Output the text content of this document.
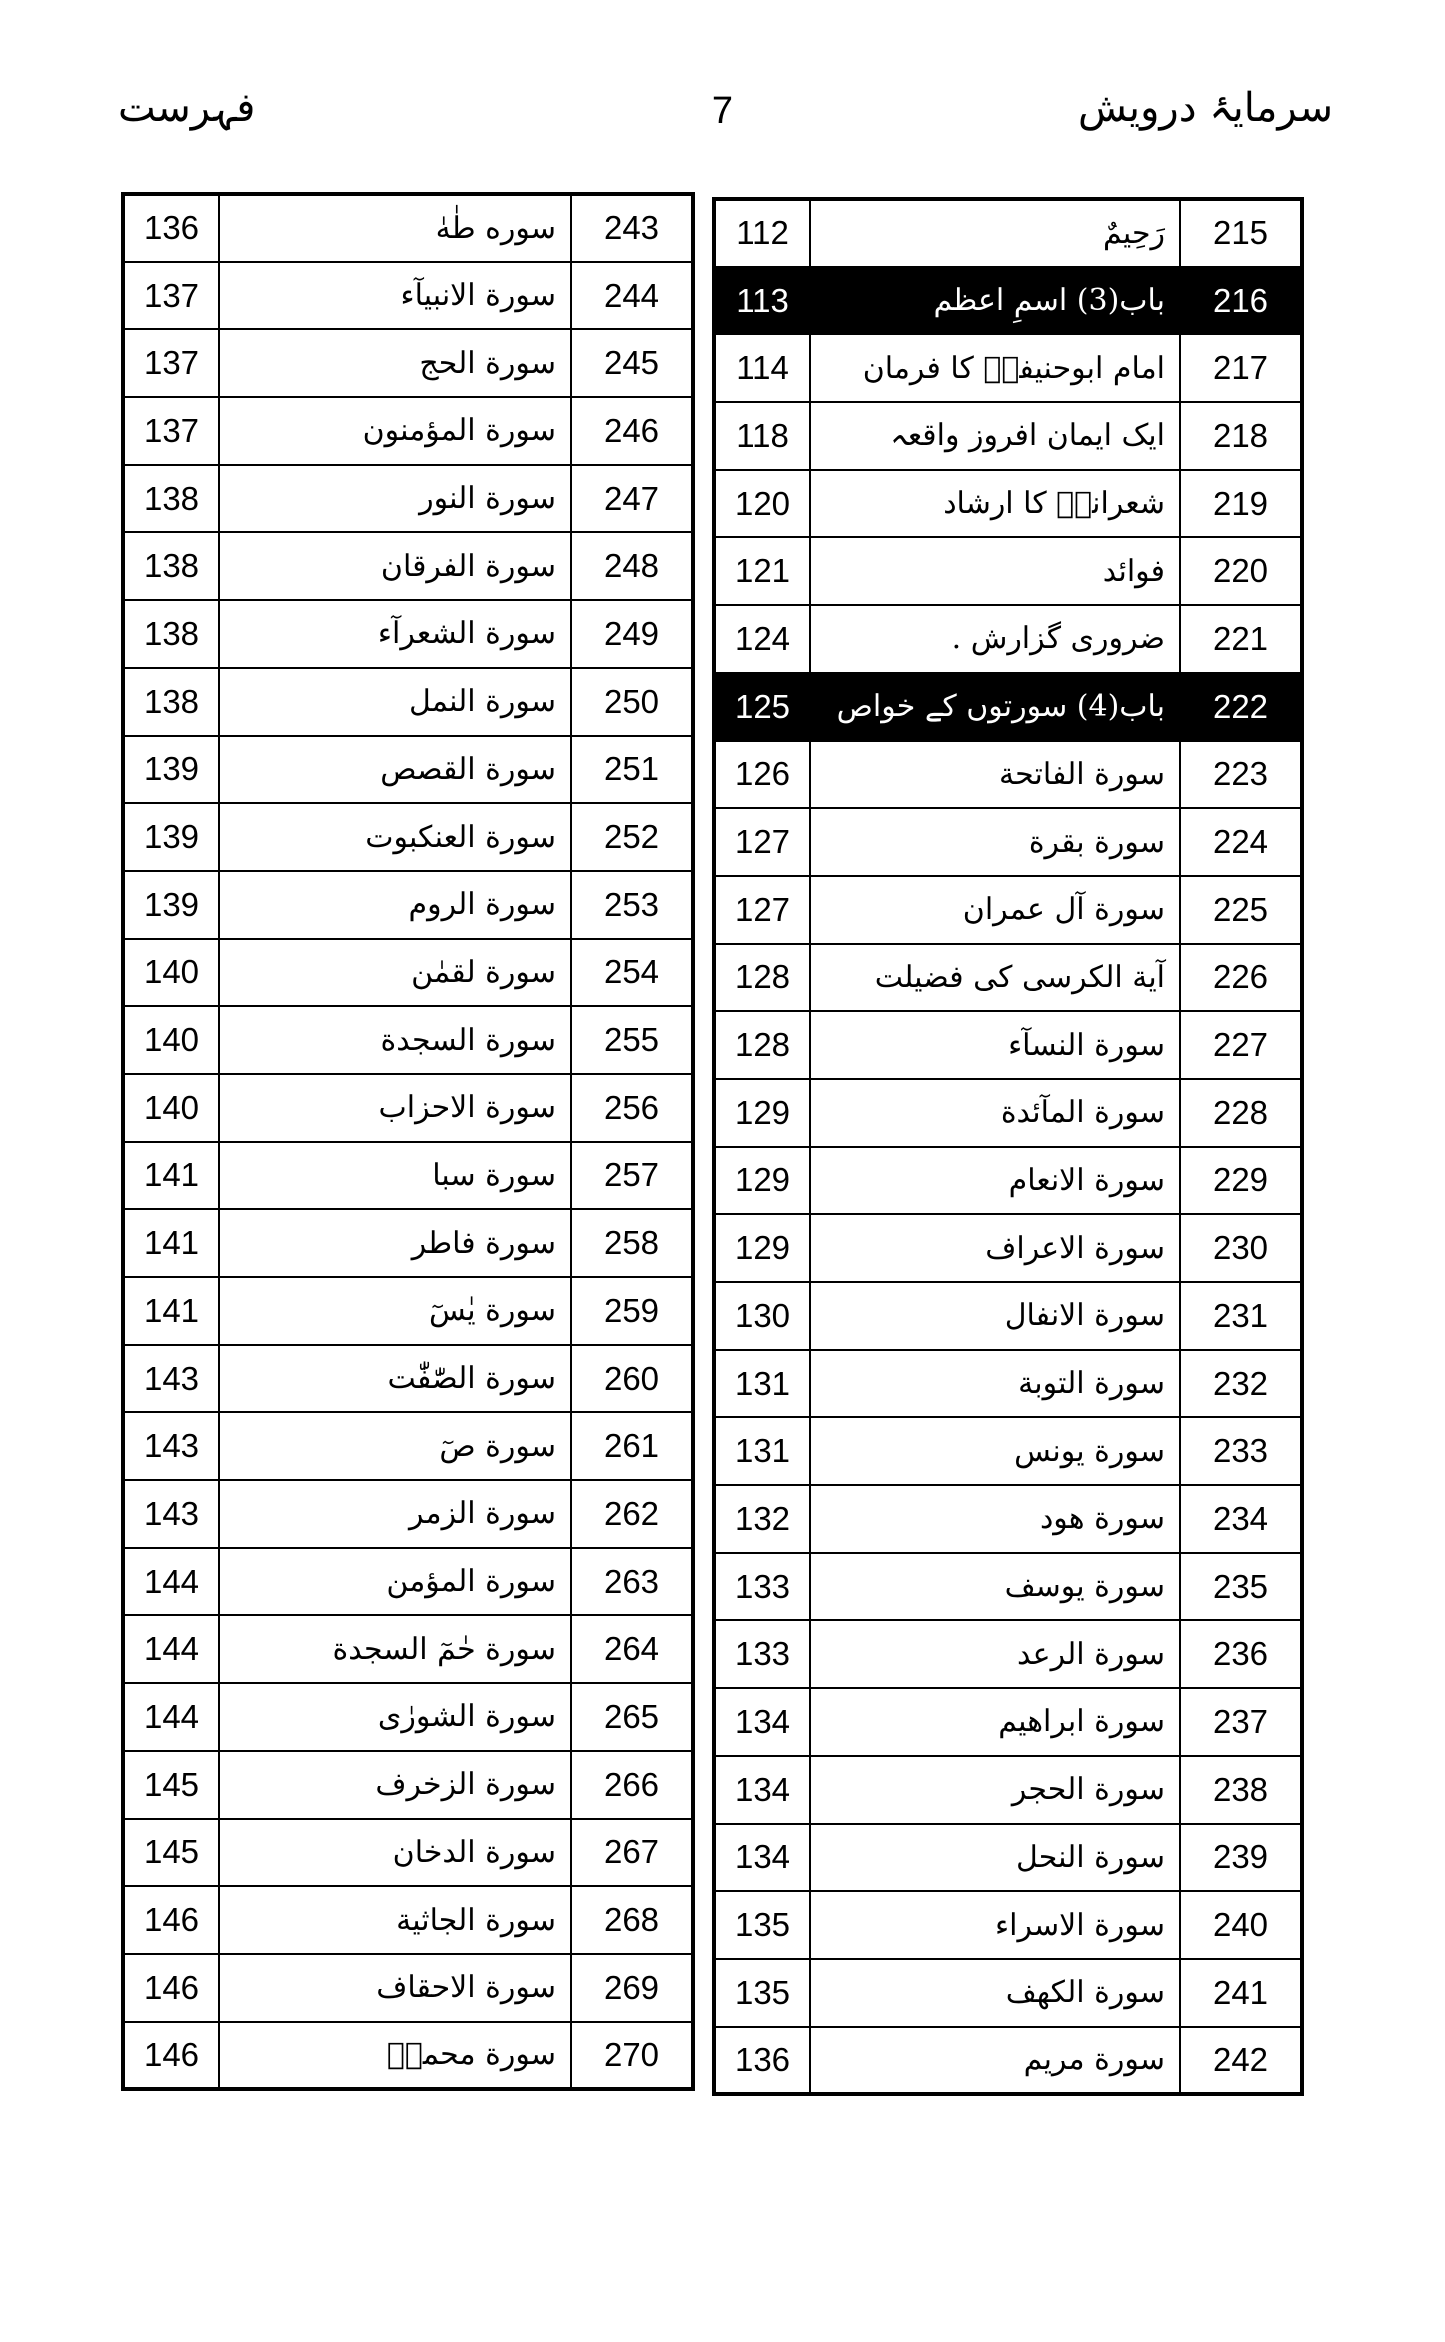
سرمایۂ درویش
7
فہرست
112	رَحِیمٌ	215
113	باب(3) اسمِ اعظم	216
114	امام ابوحنیفہؒ کا فرمان	217
118	ایک ایمان افروز واقعہ	218
120	شعرانیؒ کا ارشاد	219
121	فوائد	220
124	ضروری گزارش .	221
125	باب(4) سورتوں کے خواص	222
126	سورة الفاتحة	223
127	سورة بقرة	224
127	سورة آل عمران	225
128	آية الكرسی کی فضیلت	226
128	سورة النسآء	227
129	سورة المآئدة	228
129	سورة الانعام	229
129	سورة الاعراف	230
130	سورة الانفال	231
131	سورة التوبة	232
131	سورة يونس	233
132	سورة هود	234
133	سورة يوسف	235
133	سورة الرعد	236
134	سورة ابراهيم	237
134	سورة الحجر	238
134	سورة النحل	239
135	سورة الاسراء	240
135	سورة الكهف	241
136	سورة مريم	242
136	سوره طٰهٰ	243
137	سورة الانبيآء	244
137	سورة الحج	245
137	سورة المؤمنون	246
138	سورة النور	247
138	سورة الفرقان	248
138	سورة الشعرآء	249
138	سورة النمل	250
139	سورة القصص	251
139	سورة العنكبوت	252
139	سورة الروم	253
140	سورة لقمٰن	254
140	سورة السجدة	255
140	سورة الاحزاب	256
141	سورة سبا	257
141	سورة فاطر	258
141	سورة يٰسٓ	259
143	سورة الصّٰفّٰت	260
143	سورة صٓ	261
143	سورة الزمر	262
144	سورة المؤمن	263
144	سورة حٰمٓ السجدة	264
144	سورة الشورٰی	265
145	سورة الزخرف	266
145	سورة الدخان	267
146	سورة الجاثية	268
146	سورة الاحقاف	269
146	سورة محمدؐ	270
